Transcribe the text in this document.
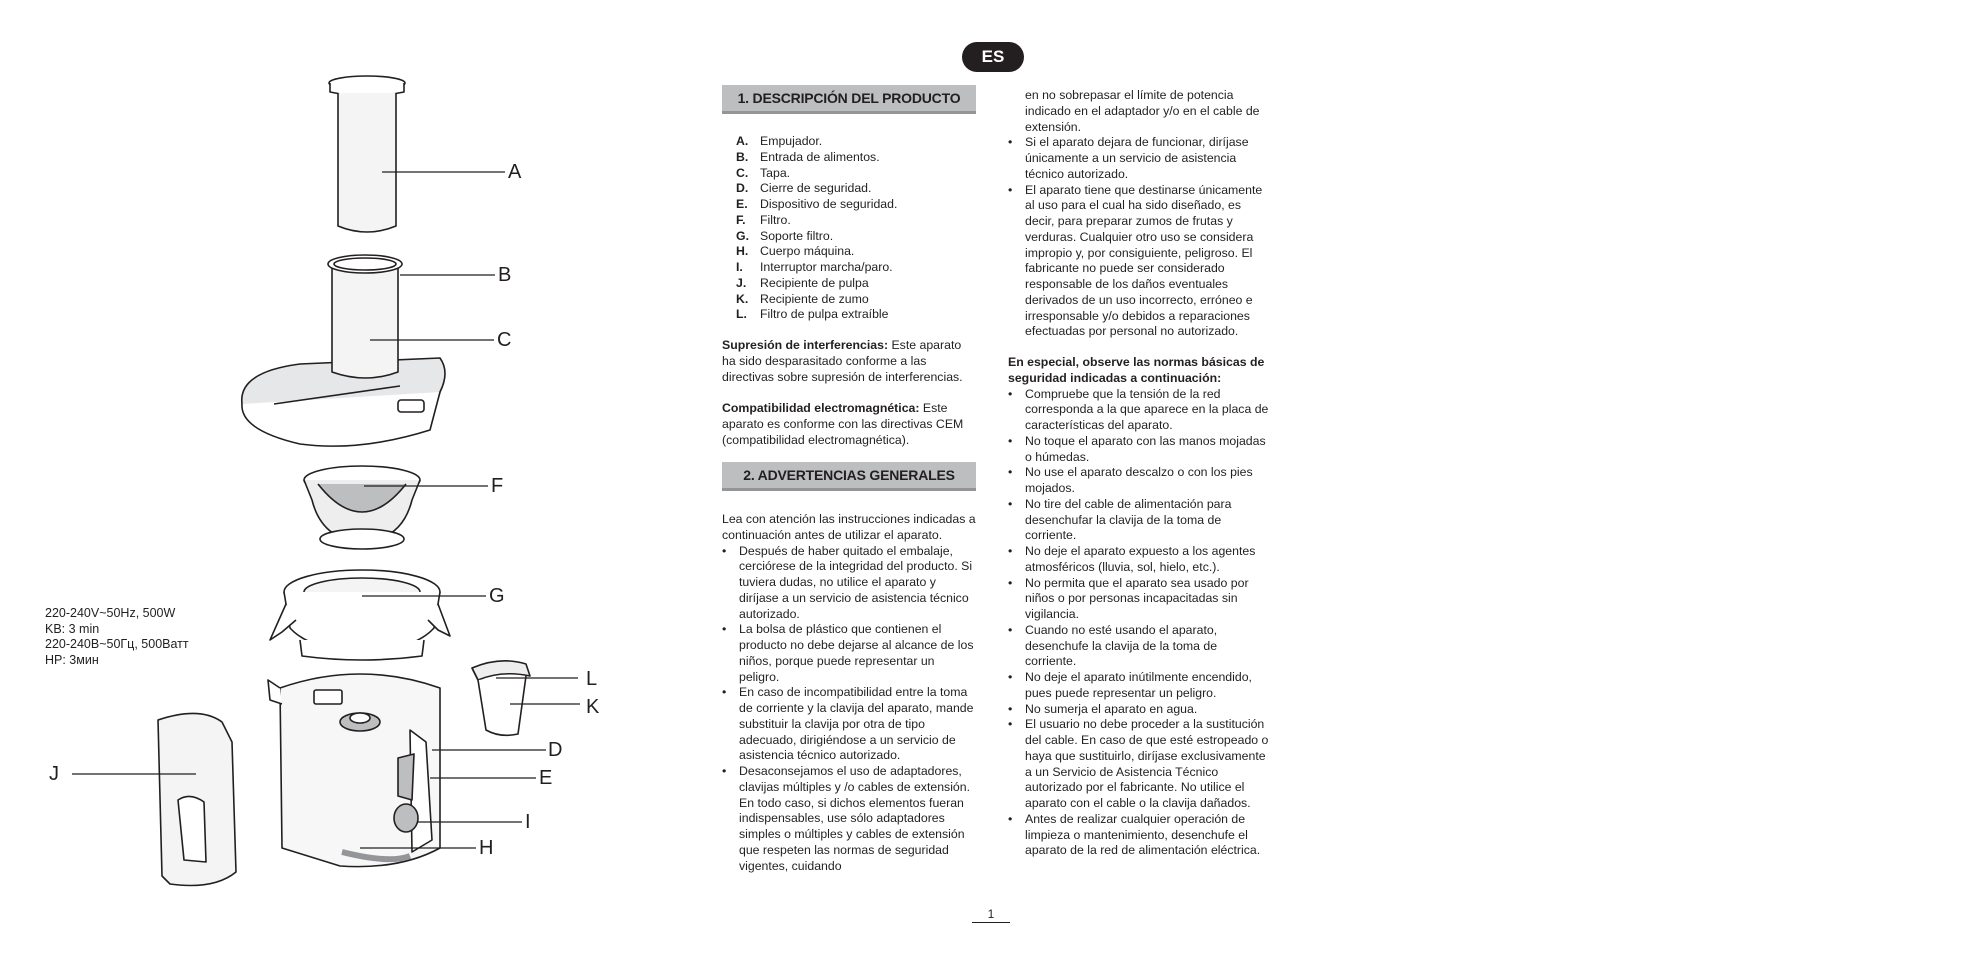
A
B
C
F
G
L
K
D
E
I
H
J
220-240V~50Hz, 500W
KB: 3 min
220-240В~50Гц, 500Ватт
HP: 3мин
ES
1. DESCRIPCIÓN DEL PRODUCTO
A. Empujador.
B. Entrada de alimentos.
C. Tapa.
D. Cierre de seguridad.
E. Dispositivo de seguridad.
F. Filtro.
G. Soporte filtro.
H. Cuerpo máquina.
I. Interruptor marcha/paro.
J. Recipiente de pulpa
K. Recipiente de zumo
L. Filtro de pulpa extraíble

Supresión de interferencias: Este aparato ha sido desparasitado conforme a las directivas sobre supresión de interferencias.

Compatibilidad electromagnética: Este aparato es conforme con las directivas CEM (compatibilidad electromagnética).

2. ADVERTENCIAS GENERALES

Lea con atención las instrucciones indicadas a continuación antes de utilizar el aparato.

• Después de haber quitado el embalaje, cerciórese de la integridad del producto. Si tuviera dudas, no utilice el aparato y diríjase a un servicio de asistencia técnico autorizado.
• La bolsa de plástico que contienen el producto no debe dejarse al alcance de los niños, porque puede representar un peligro.
• En caso de incompatibilidad entre la toma de corriente y la clavija del aparato, mande substituir la clavija por otra de tipo adecuado, dirigiéndose a un servicio de asistencia técnico autorizado.
• Desaconsejamos el uso de adaptadores, clavijas múltiples y /o cables de extensión. En todo caso, si dichos elementos fueran indispensables, use sólo adaptadores simples o múltiples y cables de extensión que respeten las normas de seguridad vigentes, cuidando

en no sobrepasar el límite de potencia indicado en el adaptador y/o en el cable de extensión.

• Si el aparato dejara de funcionar, diríjase únicamente a un servicio de asistencia técnico autorizado.
• El aparato tiene que destinarse únicamente al uso para el cual ha sido diseñado, es decir, para preparar zumos de frutas y verduras. Cualquier otro uso se considera impropio y, por consiguiente, peligroso. El fabricante no puede ser considerado responsable de los daños eventuales derivados de un uso incorrecto, erróneo e irresponsable y/o debidos a reparaciones efectuadas por personal no autorizado.

En especial, observe las normas básicas de seguridad indicadas a continuación:

• Compruebe que la tensión de la red corresponda a la que aparece en la placa de características del aparato.
• No toque el aparato con las manos mojadas o húmedas.
• No use el aparato descalzo o con los pies mojados.
• No tire del cable de alimentación para desenchufar la clavija de la toma de corriente.
• No deje el aparato expuesto a los agentes atmosféricos (lluvia, sol, hielo, etc.).
• No permita que el aparato sea usado por niños o por personas incapacitadas sin vigilancia.
• Cuando no esté usando el aparato, desenchufe la clavija de la toma de corriente.
• No deje el aparato inútilmente encendido, pues puede representar un peligro.
• No sumerja el aparato en agua.
• El usuario no debe proceder a la sustitución del cable. En caso de que esté estropeado o haya que sustituirlo, diríjase exclusivamente a un Servicio de Asistencia Técnico autorizado por el fabricante. No utilice el aparato con el cable o la clavija dañados.
• Antes de realizar cualquier operación de limpieza o mantenimiento, desenchufe el aparato de la red de alimentación eléctrica.
1
